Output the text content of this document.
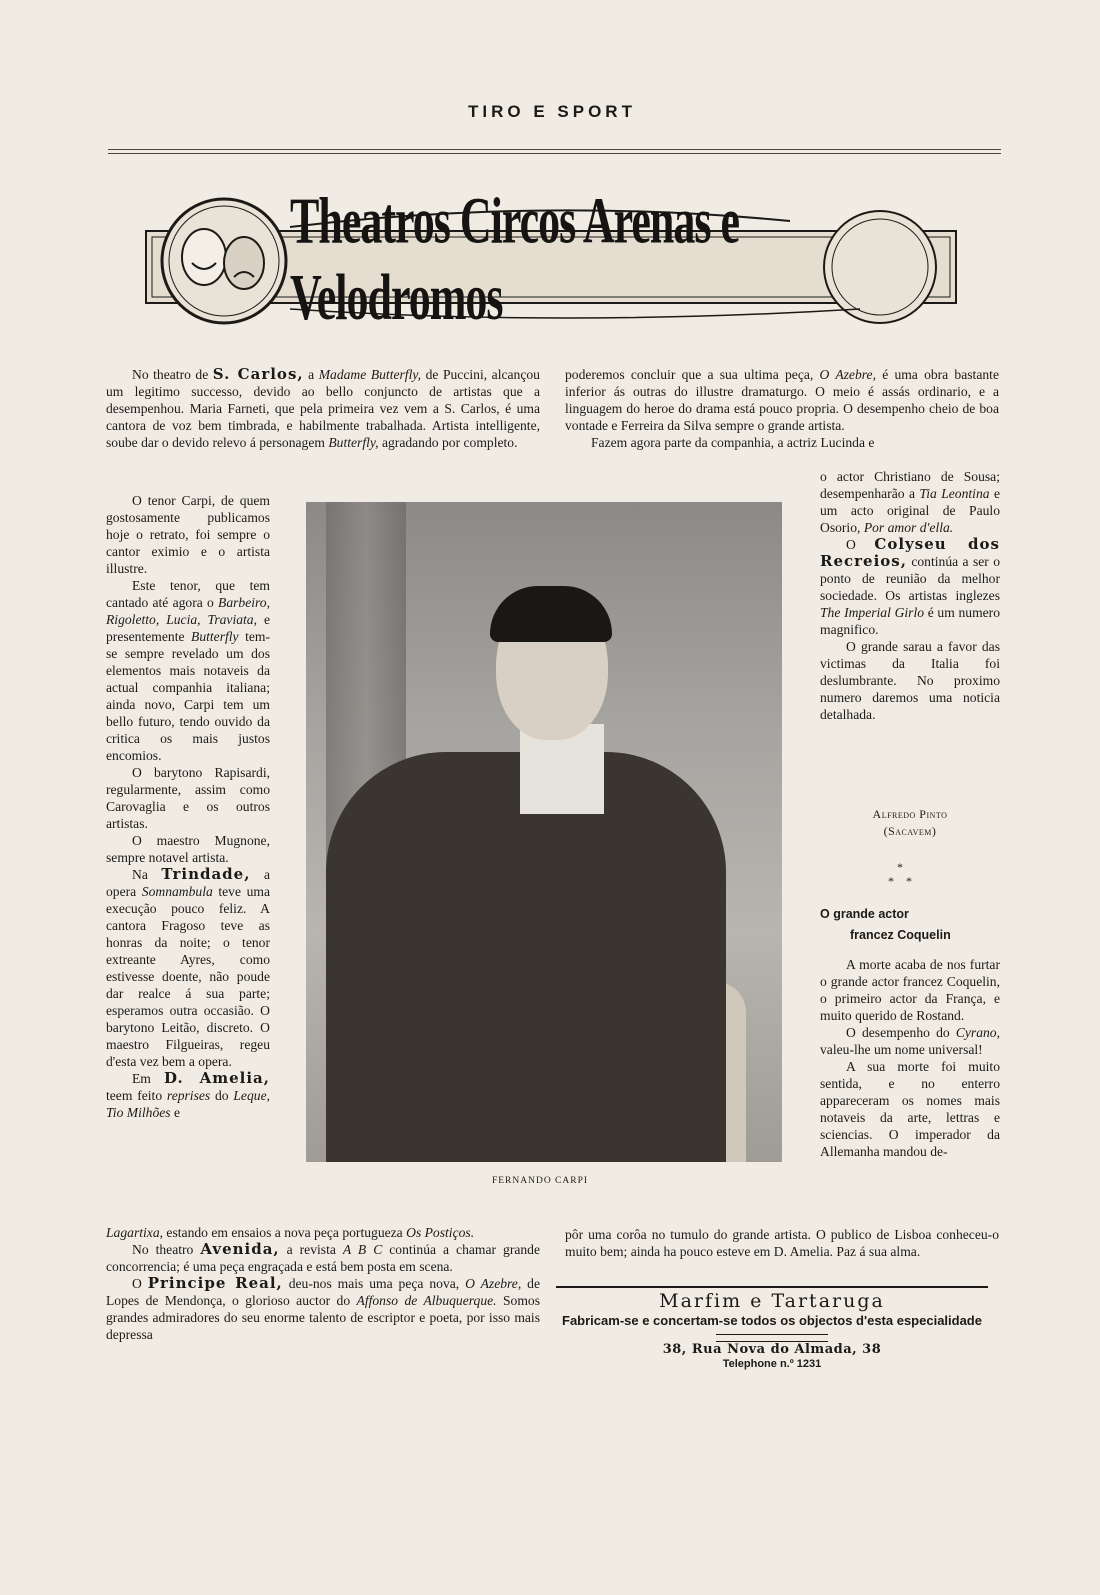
TIRO E SPORT
Theatros Circos Arenas e Velodromos

No theatro de S. Carlos, a Madame Butterfly, de Puccini, alcançou um legitimo successo, devido ao bello conjuncto de artistas que a desempenhou. Maria Farneti, que pela primeira vez vem a S. Carlos, é uma cantora de voz bem timbrada, e habilmente trabalhada. Artista intelligente, soube dar o devido relevo á personagem Butterfly, agradando por completo.

O tenor Carpi, de quem gostosamente publicamos hoje o retrato, foi sempre o cantor eximio e o artista illustre.

Este tenor, que tem cantado até agora o Barbeiro, Rigoletto, Lucia, Traviata, e presentemente Butterfly tem-se sempre revelado um dos elementos mais notaveis da actual companhia italiana; ainda novo, Carpi tem um bello futuro, tendo ouvido da critica os mais justos encomios.

O barytono Rapisardi, regularmente, assim como Carovaglia e os outros artistas.

O maestro Mugnone, sempre notavel artista.

Na Trindade, a opera Somnambula teve uma execução pouco feliz. A cantora Fragoso teve as honras da noite; o tenor extreante Ayres, como estivesse doente, não poude dar realce á sua parte; esperamos outra occasião. O barytono Leitão, discreto. O maestro Filgueiras, regeu d'esta vez bem a opera.

Em D. Amelia, teem feito reprises do Leque, Tio Milhões e

Lagartixa, estando em ensaios a nova peça portugueza Os Postiços.

No theatro Avenida, a revista A B C continúa a chamar grande concorrencia; é uma peça engraçada e está bem posta em scena.

O Principe Real, deu-nos mais uma peça nova, O Azebre, de Lopes de Mendonça, o glorioso auctor do Affonso de Albuquerque. Somos grandes admiradores do seu enorme talento de escriptor e poeta, por isso mais depressa

poderemos concluir que a sua ultima peça, O Azebre, é uma obra bastante inferior ás outras do illustre dramaturgo. O meio é assás ordinario, e a linguagem do heroe do drama está pouco propria. O desempenho cheio de boa vontade e Ferreira da Silva sempre o grande artista.

Fazem agora parte da companhia, a actriz Lucinda e

o actor Christiano de Sousa; desempenharão a Tia Leontina e um acto original de Paulo Osorio, Por amor d'ella.

O Colyseu dos Recreios, continúa a ser o ponto de reunião da melhor sociedade. Os artistas inglezes The Imperial Girlo é um numero magnifico.

O grande sarau a favor das victimas da Italia foi deslumbrante. No proximo numero daremos uma noticia detalhada.

Alfredo Pinto
(Sacavem)
*
*    *
O grande actor
francez Coquelin

A morte acaba de nos furtar o grande actor francez Coquelin, o primeiro actor da França, e muito querido de Rostand.

O desempenho do Cyrano, valeu-lhe um nome universal!

A sua morte foi muito sentida, e no enterro appareceram os nomes mais notaveis da arte, lettras e sciencias. O imperador da Allemanha mandou de-

pôr uma corôa no tumulo do grande artista. O publico de Lisboa conheceu-o muito bem; ainda ha pouco esteve em D. Amelia. Paz á sua alma.

FERNANDO CARPI
Marfim e Tartaruga
Fabricam-se e concertam-se todos os objectos d'esta especialidade
38, Rua Nova do Almada, 38
Telephone n.º 1231
